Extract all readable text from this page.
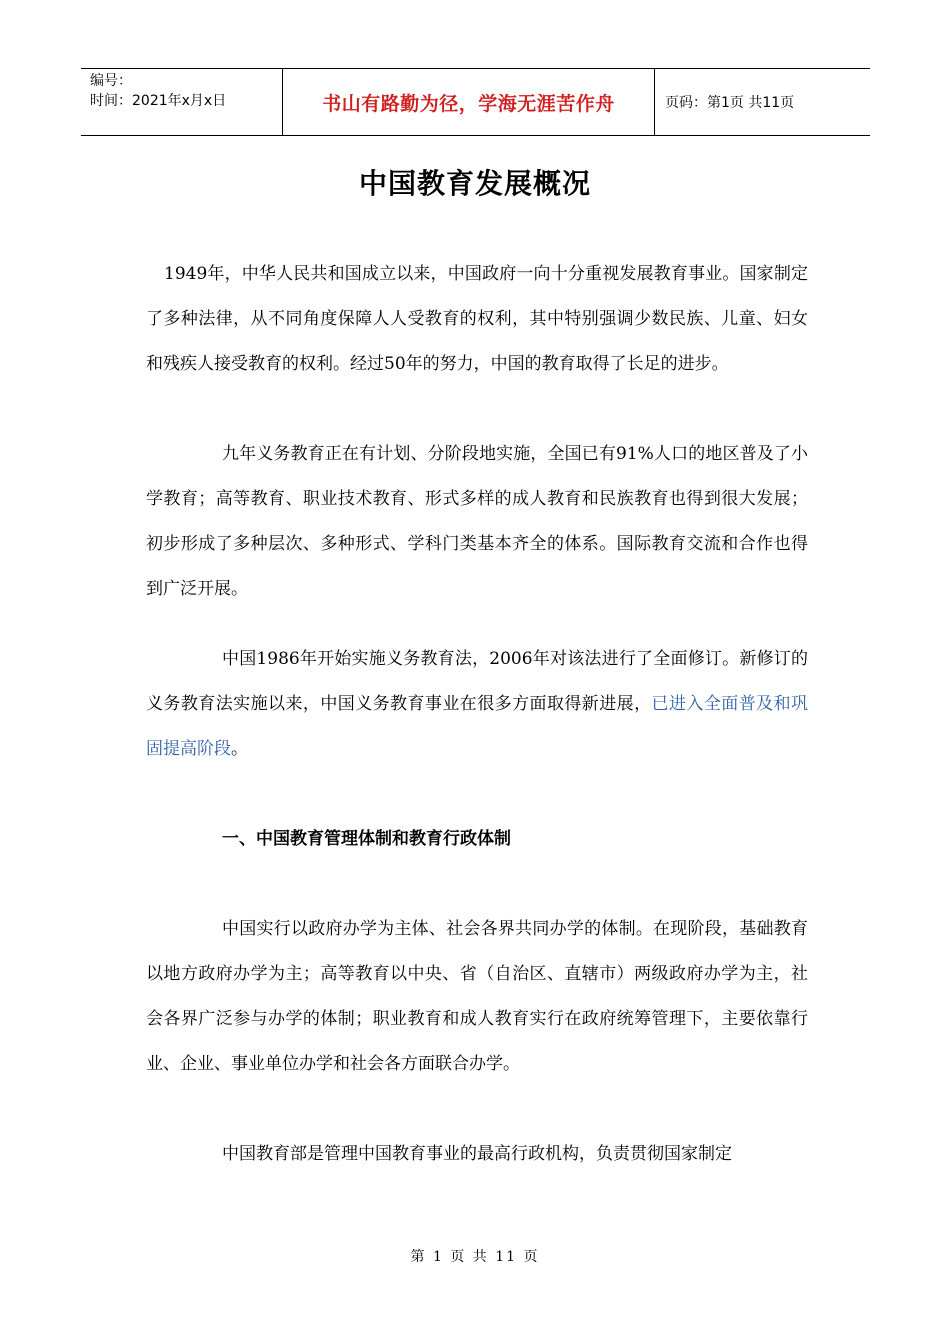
编号：
时间：2021年x月x日	书山有路勤为径，学海无涯苦作舟	页码：第1页 共11页
中国教育发展概况

1949年，中华人民共和国成立以来，中国政府一向十分重视发展教育事业。国家制定了多种法律，从不同角度保障人人受教育的权利，其中特别强调少数民族、儿童、妇女和残疾人接受教育的权利。经过50年的努力，中国的教育取得了长足的进步。

九年义务教育正在有计划、分阶段地实施，全国已有91%人口的地区普及了小学教育；高等教育、职业技术教育、形式多样的成人教育和民族教育也得到很大发展；初步形成了多种层次、多种形式、学科门类基本齐全的体系。国际教育交流和合作也得到广泛开展。

中国1986年开始实施义务教育法，2006年对该法进行了全面修订。新修订的义务教育法实施以来，中国义务教育事业在很多方面取得新进展，已进入全面普及和巩固提高阶段。

一、中国教育管理体制和教育行政体制

中国实行以政府办学为主体、社会各界共同办学的体制。在现阶段，基础教育以地方政府办学为主；高等教育以中央、省（自治区、直辖市）两级政府办学为主，社会各界广泛参与办学的体制；职业教育和成人教育实行在政府统筹管理下，主要依靠行业、企业、事业单位办学和社会各方面联合办学。

中国教育部是管理中国教育事业的最高行政机构，负责贯彻国家制定

第 1 页 共 11 页
